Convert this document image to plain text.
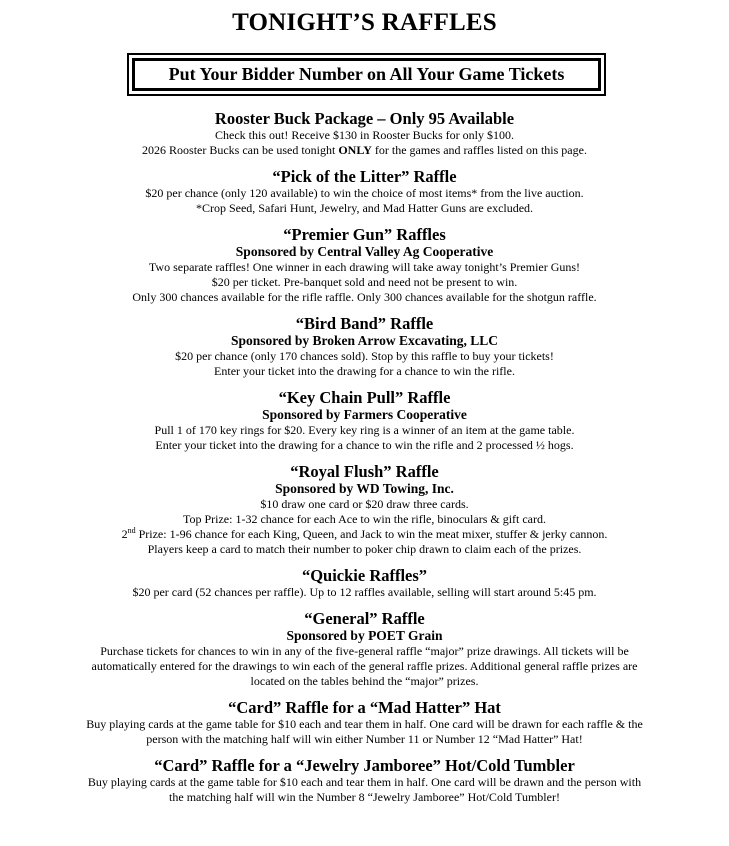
TONIGHT’S RAFFLES
Put Your Bidder Number on All Your Game Tickets
Rooster Buck Package – Only 95 Available
Check this out! Receive $130 in Rooster Bucks for only $100.
2026 Rooster Bucks can be used tonight ONLY for the games and raffles listed on this page.
“Pick of the Litter” Raffle
$20 per chance (only 120 available) to win the choice of most items* from the live auction.
*Crop Seed, Safari Hunt, Jewelry, and Mad Hatter Guns are excluded.
“Premier Gun” Raffles
Sponsored by Central Valley Ag Cooperative
Two separate raffles! One winner in each drawing will take away tonight’s Premier Guns!
$20 per ticket. Pre-banquet sold and need not be present to win.
Only 300 chances available for the rifle raffle. Only 300 chances available for the shotgun raffle.
“Bird Band” Raffle
Sponsored by Broken Arrow Excavating, LLC
$20 per chance (only 170 chances sold). Stop by this raffle to buy your tickets!
Enter your ticket into the drawing for a chance to win the rifle.
“Key Chain Pull” Raffle
Sponsored by Farmers Cooperative
Pull 1 of 170 key rings for $20. Every key ring is a winner of an item at the game table.
Enter your ticket into the drawing for a chance to win the rifle and 2 processed ½ hogs.
“Royal Flush” Raffle
Sponsored by WD Towing, Inc.
$10 draw one card or $20 draw three cards.
Top Prize: 1-32 chance for each Ace to win the rifle, binoculars & gift card.
2nd Prize: 1-96 chance for each King, Queen, and Jack to win the meat mixer, stuffer & jerky cannon.
Players keep a card to match their number to poker chip drawn to claim each of the prizes.
“Quickie Raffles”
$20 per card (52 chances per raffle). Up to 12 raffles available, selling will start around 5:45 pm.
“General” Raffle
Sponsored by POET Grain
Purchase tickets for chances to win in any of the five-general raffle “major” prize drawings. All tickets will be automatically entered for the drawings to win each of the general raffle prizes. Additional general raffle prizes are located on the tables behind the “major” prizes.
“Card” Raffle for a “Mad Hatter” Hat
Buy playing cards at the game table for $10 each and tear them in half. One card will be drawn for each raffle & the person with the matching half will win either Number 11 or Number 12 “Mad Hatter” Hat!
“Card” Raffle for a “Jewelry Jamboree” Hot/Cold Tumbler
Buy playing cards at the game table for $10 each and tear them in half. One card will be drawn and the person with the matching half will win the Number 8 “Jewelry Jamboree” Hot/Cold Tumbler!
